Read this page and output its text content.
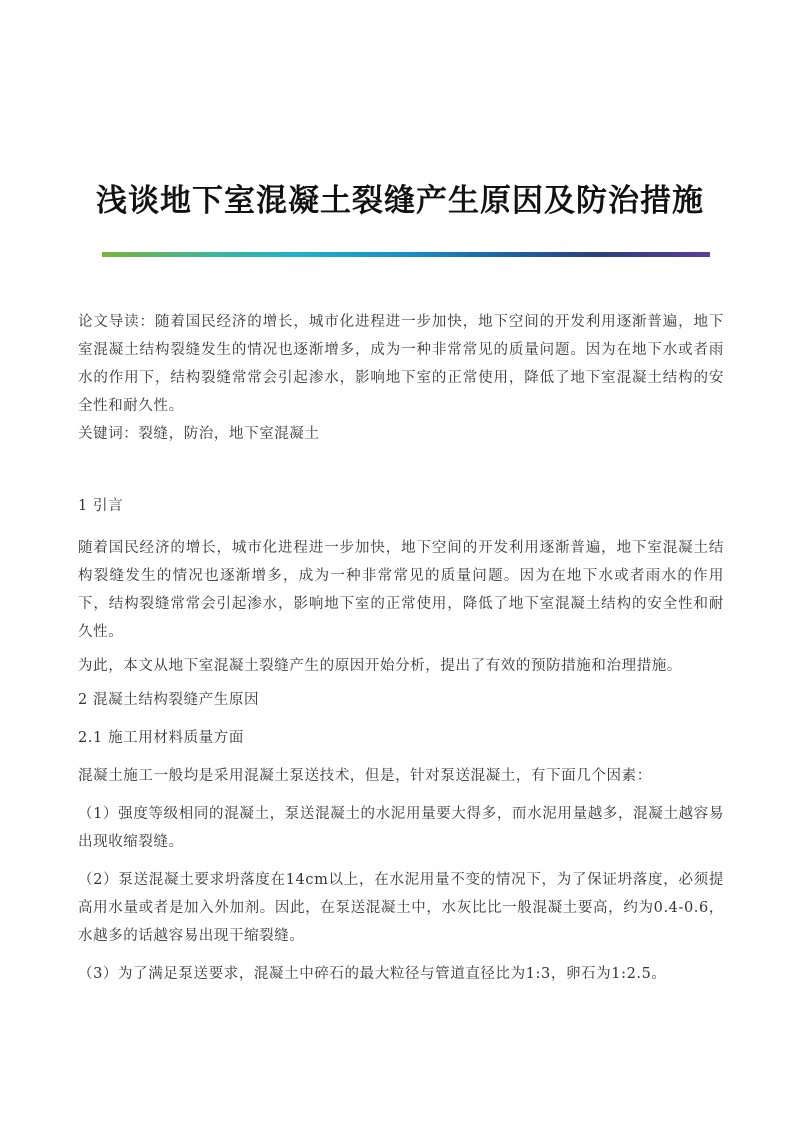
浅谈地下室混凝土裂缝产生原因及防治措施

论文导读：随着国民经济的增长，城市化进程进一步加快，地下空间的开发利用逐渐普遍，地下室混凝土结构裂缝发生的情况也逐渐增多，成为一种非常常见的质量问题。因为在地下水或者雨水的作用下，结构裂缝常常会引起渗水，影响地下室的正常使用，降低了地下室混凝土结构的安全性和耐久性。

关键词：裂缝，防治，地下室混凝土

1 引言

随着国民经济的增长，城市化进程进一步加快，地下空间的开发利用逐渐普遍，地下室混凝土结构裂缝发生的情况也逐渐增多，成为一种非常常见的质量问题。因为在地下水或者雨水的作用下，结构裂缝常常会引起渗水，影响地下室的正常使用，降低了地下室混凝土结构的安全性和耐久性。

为此，本文从地下室混凝土裂缝产生的原因开始分析，提出了有效的预防措施和治理措施。

2 混凝土结构裂缝产生原因

2.1 施工用材料质量方面

混凝土施工一般均是采用混凝土泵送技术，但是，针对泵送混凝土，有下面几个因素：

（1）强度等级相同的混凝土，泵送混凝土的水泥用量要大得多，而水泥用量越多，混凝土越容易出现收缩裂缝。

（2）泵送混凝土要求坍落度在14cm以上，在水泥用量不变的情况下，为了保证坍落度，必须提高用水量或者是加入外加剂。因此，在泵送混凝土中，水灰比比一般混凝土要高，约为0.4-0.6，水越多的话越容易出现干缩裂缝。

（3）为了满足泵送要求，混凝土中碎石的最大粒径与管道直径比为1:3，卵石为1:2.5。
